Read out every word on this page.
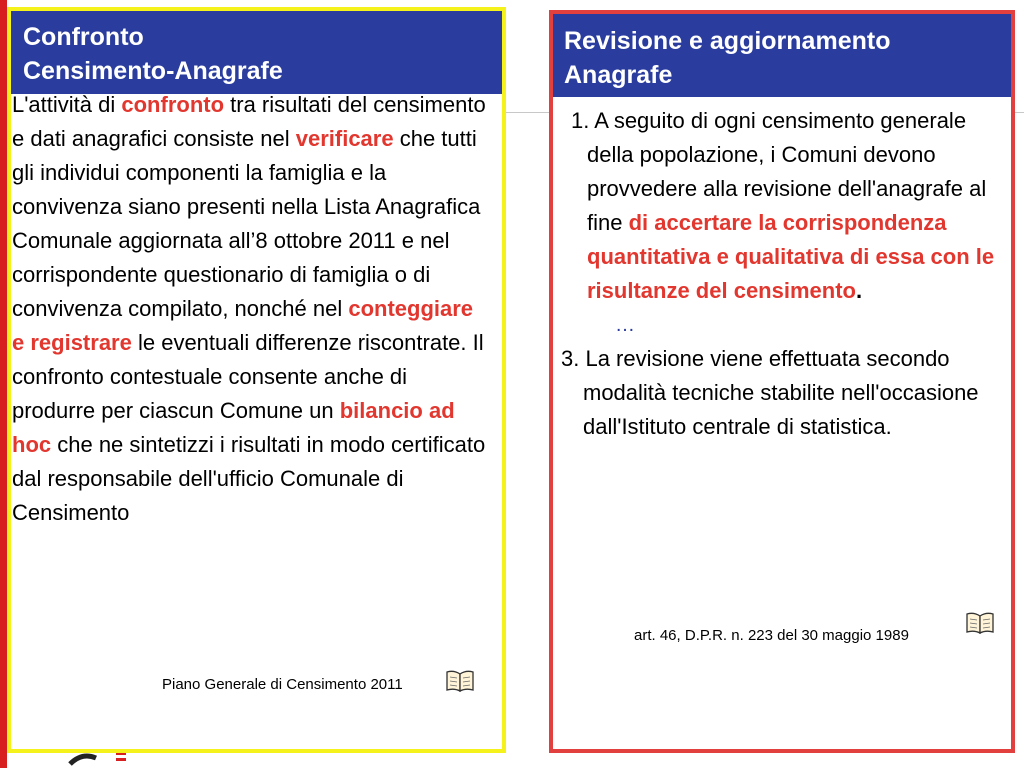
Confronto
Censimento-Anagrafe
L'attività di confronto tra risultati del censimento e dati anagrafici consiste nel verificare che tutti gli individui componenti la famiglia e la convivenza siano presenti nella Lista Anagrafica Comunale aggiornata all’8 ottobre 2011 e nel corrispondente questionario di famiglia o di convivenza compilato, nonché nel conteggiare e registrare le eventuali differenze riscontrate. Il confronto contestuale consente anche di produrre per ciascun Comune un bilancio ad hoc che ne sintetizzi i risultati in modo certificato dal responsabile dell'ufficio Comunale di Censimento
Piano Generale di Censimento 2011
Revisione e aggiornamento
Anagrafe
1. A seguito di ogni censimento generale della popolazione, i Comuni devono provvedere alla revisione dell'anagrafe al fine di accertare la corrispondenza quantitativa e qualitativa di essa con le risultanze del censimento.
…
3. La revisione viene effettuata secondo modalità tecniche stabilite nell'occasione dall'Istituto centrale di statistica.
art. 46, D.P.R. n. 223 del 30 maggio 1989
